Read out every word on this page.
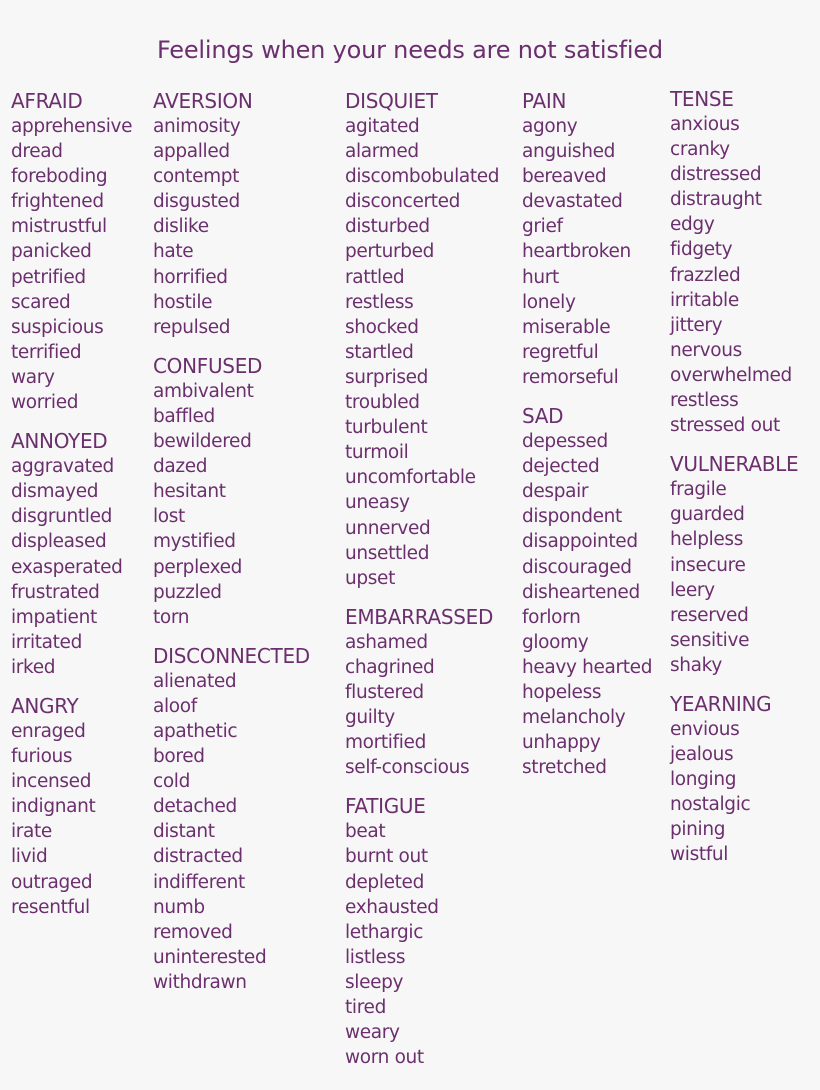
Feelings when your needs are not satisfied
AFRAID
apprehensive
dread
foreboding
frightened
mistrustful
panicked
petrified
scared
suspicious
terrified
wary
worried
ANNOYED
aggravated
dismayed
disgruntled
displeased
exasperated
frustrated
impatient
irritated
irked
ANGRY
enraged
furious
incensed
indignant
irate
livid
outraged
resentful
AVERSION
animosity
appalled
contempt
disgusted
dislike
hate
horrified
hostile
repulsed
CONFUSED
ambivalent
baffled
bewildered
dazed
hesitant
lost
mystified
perplexed
puzzled
torn
DISCONNECTED
alienated
aloof
apathetic
bored
cold
detached
distant
distracted
indifferent
numb
removed
uninterested
withdrawn
DISQUIET
agitated
alarmed
discombobulated
disconcerted
disturbed
perturbed
rattled
restless
shocked
startled
surprised
troubled
turbulent
turmoil
uncomfortable
uneasy
unnerved
unsettled
upset
EMBARRASSED
ashamed
chagrined
flustered
guilty
mortified
self-conscious
FATIGUE
beat
burnt out
depleted
exhausted
lethargic
listless
sleepy
tired
weary
worn out
PAIN
agony
anguished
bereaved
devastated
grief
heartbroken
hurt
lonely
miserable
regretful
remorseful
SAD
depessed
dejected
despair
dispondent
disappointed
discouraged
disheartened
forlorn
gloomy
heavy hearted
hopeless
melancholy
unhappy
stretched
TENSE
anxious
cranky
distressed
distraught
edgy
fidgety
frazzled
irritable
jittery
nervous
overwhelmed
restless
stressed out
VULNERABLE
fragile
guarded
helpless
insecure
leery
reserved
sensitive
shaky
YEARNING
envious
jealous
longing
nostalgic
pining
wistful
